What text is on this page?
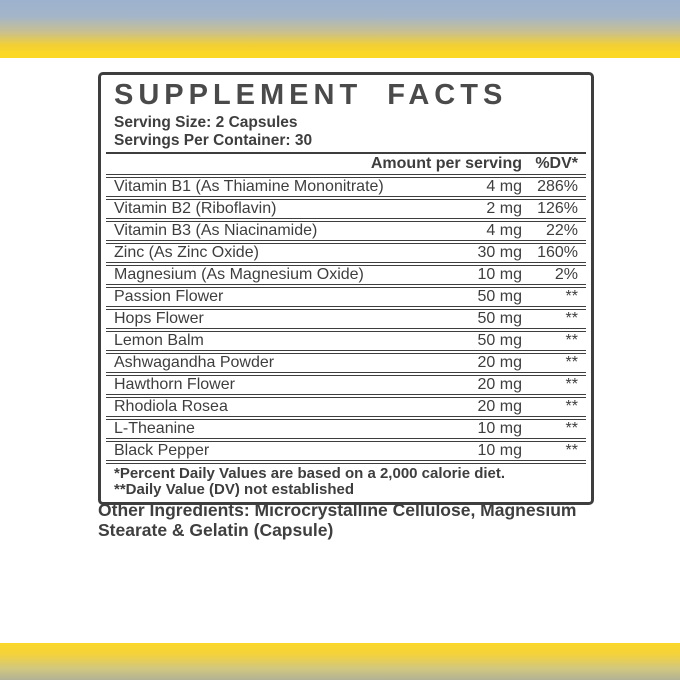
SUPPLEMENT FACTS
Serving Size: 2 Capsules
Servings Per Container: 30
Amount per serving %DV*
Vitamin B1 (As Thiamine Mononitrate)	4 mg 286%
Vitamin B2 (Riboflavin)	2 mg 126%
Vitamin B3 (As Niacinamide)	4 mg	22%
Zinc (As Zinc Oxide)	30 mg 160%
Magnesium (As Magnesium Oxide)	10 mg	2%
Passion Flower	50 mg	**
Hops Flower	50 mg	**
Lemon Balm	50 mg	**
Ashwagandha Powder	20 mg	**
Hawthorn Flower	20 mg	**
Rhodiola Rosea	20 mg	**
L-Theanine	10 mg	**
Black Pepper	10 mg	**
*Percent Daily Values are based on a 2,000 calorie diet.
**Daily Value (DV) not established
Other Ingredients: Microcrystalline Cellulose, Magnesium Stearate & Gelatin (Capsule)
